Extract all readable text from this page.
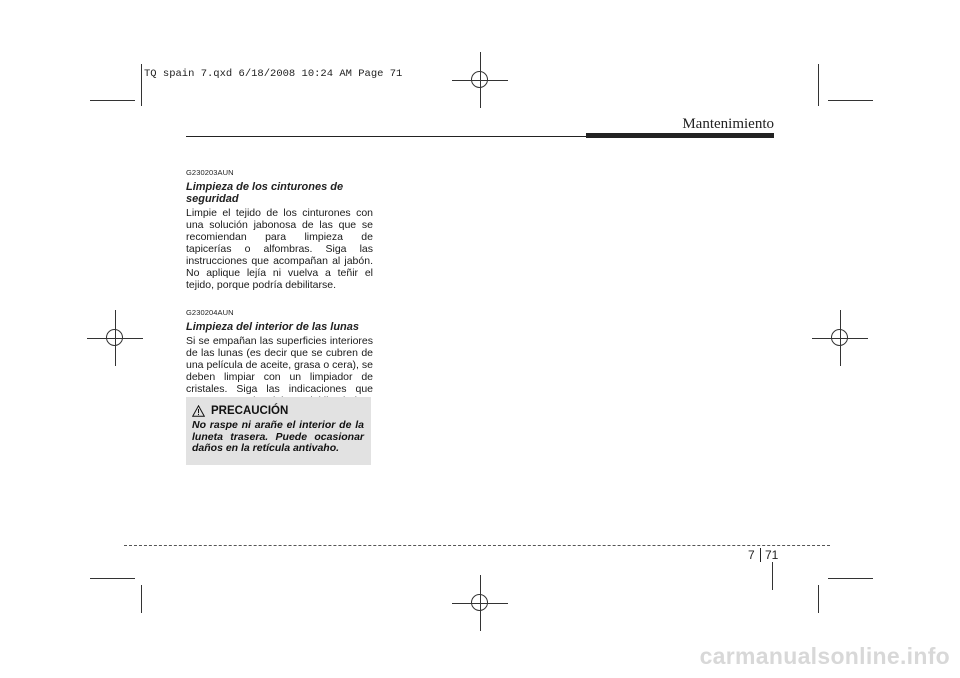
TQ spain 7.qxd 6/18/2008 10:24 AM Page 71
Mantenimiento
G230203AUN
Limpieza de los cinturones de seguridad

Limpie el tejido de los cinturones con una solución jabonosa de las que se recomiendan para limpieza de tapicerías o alfombras. Siga las instrucciones que acompañan al jabón. No aplique lejía ni vuelva a teñir el tejido, porque podría debilitarse.

G230204AUN
Limpieza del interior de las lunas

Si se empañan las superficies interiores de las lunas (es decir que se cubren de una película de aceite, grasa o cera), se deben limpiar con un limpiador de cristales. Siga las indicaciones que

PRECAUCIÓN
No raspe ni arañe el interior de la luneta trasera. Puede ocasionar daños en la retícula antivaho.
7 71
carmanualsonline.info
